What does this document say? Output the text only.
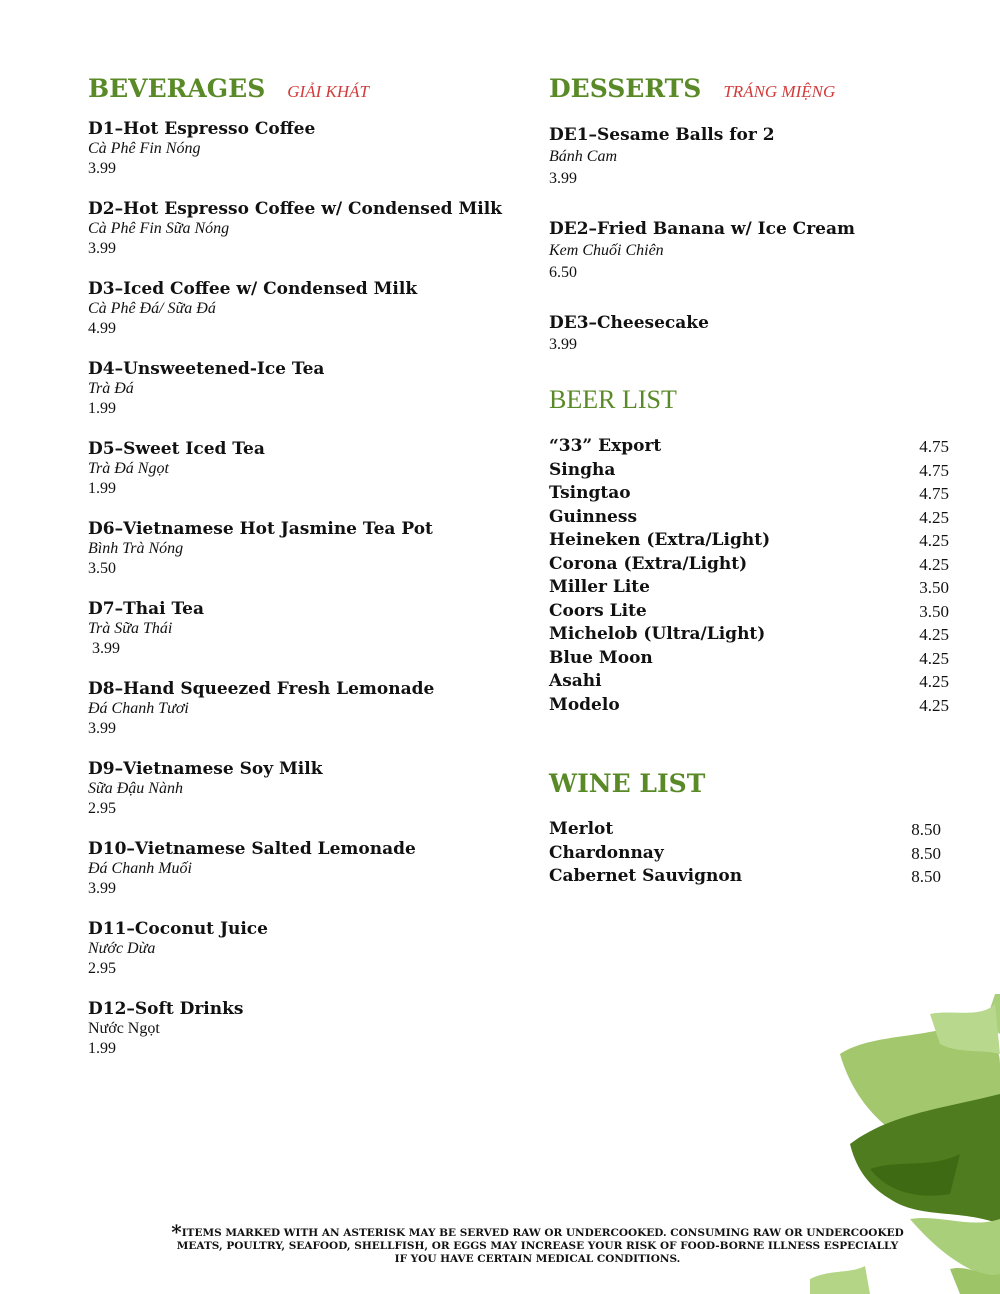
BEVERAGES GIẢI KHÁT
D1–Hot Espresso Coffee
Cà Phê Fin Nóng
3.99
D2–Hot Espresso Coffee w/ Condensed Milk
Cà Phê Fin Sữa Nóng
3.99
D3–Iced Coffee w/ Condensed Milk
Cà Phê Đá/ Sữa Đá
4.99
D4–Unsweetened-Ice Tea
Trà Đá
1.99
D5–Sweet Iced Tea
Trà Đá Ngọt
1.99
D6–Vietnamese Hot Jasmine Tea Pot
Bình Trà Nóng
3.50
D7–Thai Tea
Trà Sữa Thái
3.99
D8–Hand Squeezed Fresh Lemonade
Đá Chanh Tươi
3.99
D9–Vietnamese Soy Milk
Sữa Đậu Nành
2.95
D10–Vietnamese Salted Lemonade
Đá Chanh Muối
3.99
D11–Coconut Juice
Nước Dừa
2.95
D12–Soft Drinks
Nước Ngọt
1.99
DESSERTS TRÁNG MIỆNG
DE1–Sesame Balls for 2
Bánh Cam
3.99
DE2–Fried Banana w/ Ice Cream
Kem Chuối Chiên
6.50
DE3–Cheesecake
3.99
BEER LIST
“33” Export	4.75
Singha	4.75
Tsingtao	4.75
Guinness	4.25
Heineken (Extra/Light)	4.25
Corona (Extra/Light)	4.25
Miller Lite	3.50
Coors Lite	3.50
Michelob (Ultra/Light)	4.25
Blue Moon	4.25
Asahi	4.25
Modelo	4.25
WINE LIST
Merlot	8.50
Chardonnay	8.50
Cabernet Sauvignon	8.50
*ITEMS MARKED WITH AN ASTERISK MAY BE SERVED RAW OR UNDERCOOKED. CONSUMING RAW OR UNDERCOOKED MEATS, POULTRY, SEAFOOD, SHELLFISH, OR EGGS MAY INCREASE YOUR RISK OF FOOD-BORNE ILLNESS ESPECIALLY IF YOU HAVE CERTAIN MEDICAL CONDITIONS.
